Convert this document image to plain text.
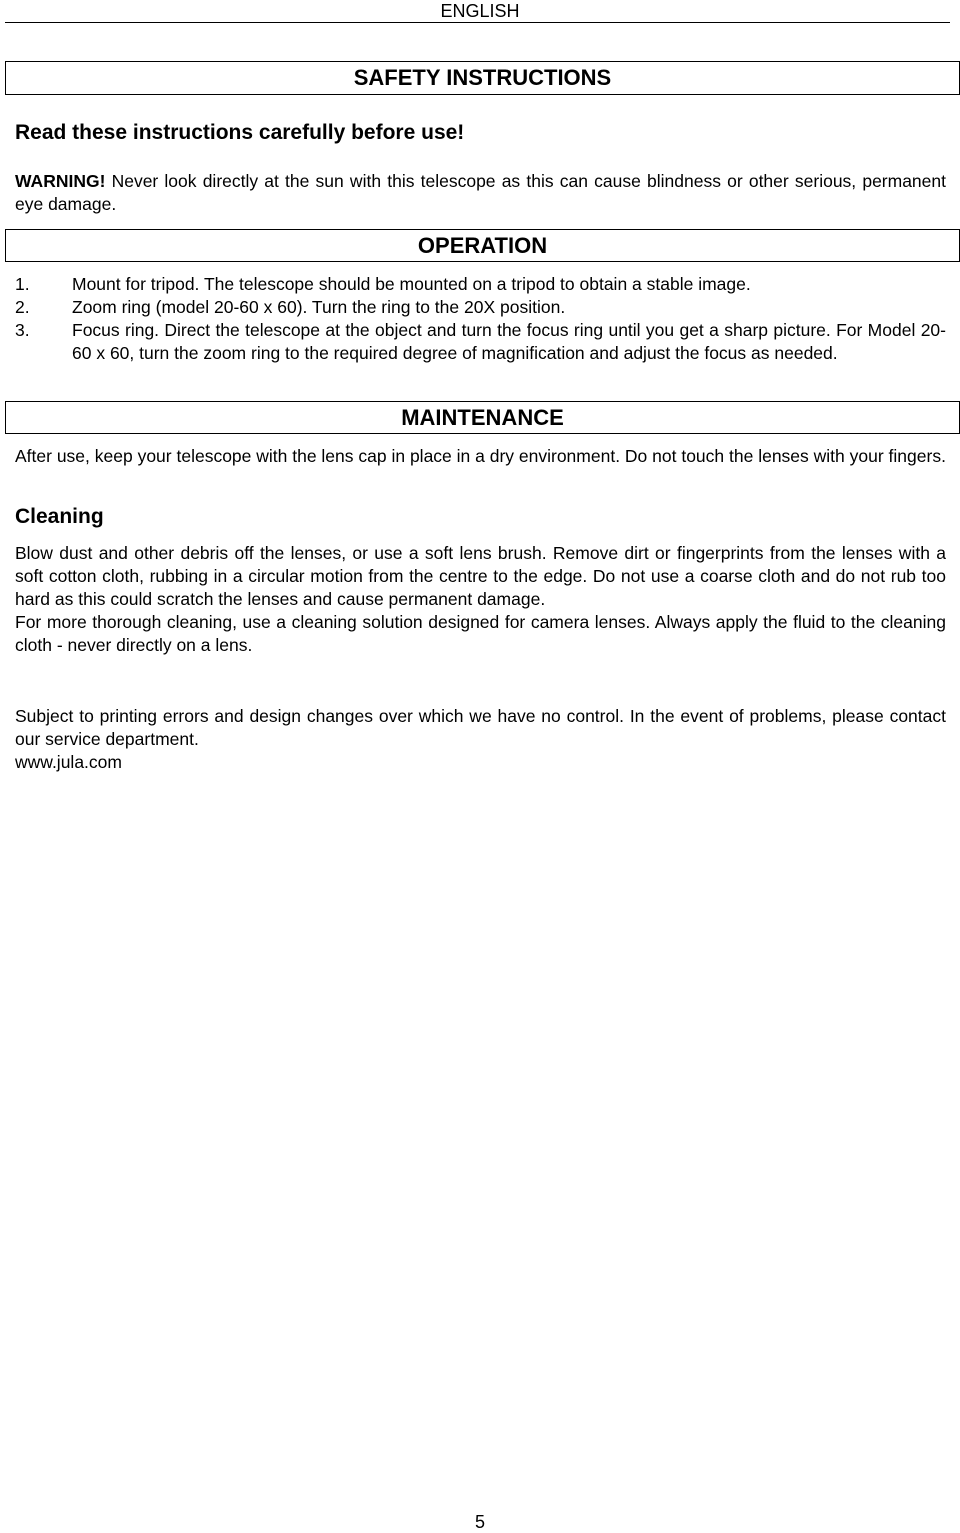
ENGLISH
SAFETY INSTRUCTIONS
Read these instructions carefully before use!
WARNING! Never look directly at the sun with this telescope as this can cause blindness or other serious, permanent eye damage.
OPERATION
1. Mount for tripod. The telescope should be mounted on a tripod to obtain a stable image.
2. Zoom ring (model 20-60 x 60). Turn the ring to the 20X position.
3. Focus ring. Direct the telescope at the object and turn the focus ring until you get a sharp picture. For Model 20-60 x 60, turn the zoom ring to the required degree of magnification and adjust the focus as needed.
MAINTENANCE
After use, keep your telescope with the lens cap in place in a dry environment. Do not touch the lenses with your fingers.
Cleaning
Blow dust and other debris off the lenses, or use a soft lens brush. Remove dirt or fingerprints from the lenses with a soft cotton cloth, rubbing in a circular motion from the centre to the edge. Do not use a coarse cloth and do not rub too hard as this could scratch the lenses and cause permanent damage.
For more thorough cleaning, use a cleaning solution designed for camera lenses. Always apply the fluid to the cleaning cloth - never directly on a lens.
Subject to printing errors and design changes over which we have no control. In the event of problems, please contact our service department.
www.jula.com
5
